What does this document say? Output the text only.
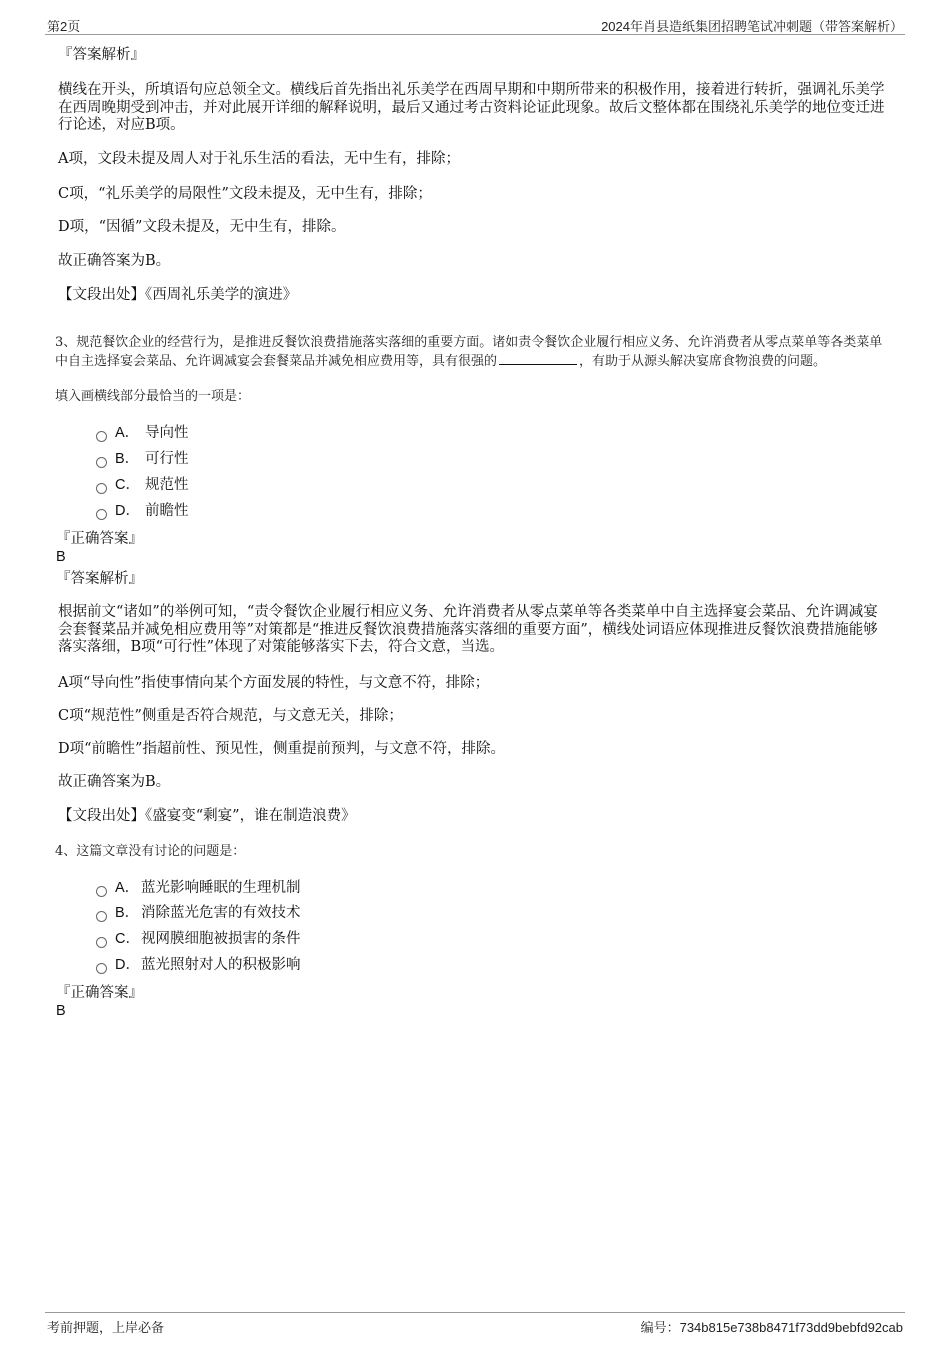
第2页	2024年肖县造纸集团招聘笔试冲刺题（带答案解析）
『答案解析』
横线在开头，所填语句应总领全文。横线后首先指出礼乐美学在西周早期和中期所带来的积极作用，接着进行转折，强调礼乐美学在西周晚期受到冲击，并对此展开详细的解释说明，最后又通过考古资料论证此现象。故后文整体都在围绕礼乐美学的地位变迁进行论述，对应B项。
A项，文段未提及周人对于礼乐生活的看法，无中生有，排除；
C项，“礼乐美学的局限性”文段未提及，无中生有，排除；
D项，“因循”文段未提及，无中生有，排除。
故正确答案为B。
【文段出处】《西周礼乐美学的演进》
3、规范餐饮企业的经营行为，是推进反餐饮浪费措施落实落细的重要方面。诸如责令餐饮企业履行相应义务、允许消费者从零点菜单等各类菜单中自主选择宴会菜品、允许调减宴会套餐菜品并减免相应费用等，具有很强的	，有助于从源头解决宴席食物浪费的问题。
填入画横线部分最恰当的一项是：
A． 导向性
B． 可行性
C． 规范性
D． 前瞻性
『正确答案』
B
『答案解析』
根据前文“诸如”的举例可知，“责令餐饮企业履行相应义务、允许消费者从零点菜单等各类菜单中自主选择宴会菜品、允许调减宴会套餐菜品并减免相应费用等”对策都是“推进反餐饮浪费措施落实落细的重要方面”，横线处词语应体现推进反餐饮浪费措施能够落实落细，B项“可行性”体现了对策能够落实下去，符合文意，当选。
A项“导向性”指使事情向某个方面发展的特性，与文意不符，排除；
C项“规范性”侧重是否符合规范，与文意无关，排除；
D项“前瞻性”指超前性、预见性，侧重提前预判，与文意不符，排除。
故正确答案为B。
【文段出处】《盛宴变“剩宴”，谁在制造浪费》
4、这篇文章没有讨论的问题是：
A． 蓝光影响睡眠的生理机制
B． 消除蓝光危害的有效技术
C．视网膜细胞被损害的条件
D．蓝光照射对人的积极影响
『正确答案』
B
考前押题，上岸必备	编号：734b815e738b8471f73dd9bebfd92cab
